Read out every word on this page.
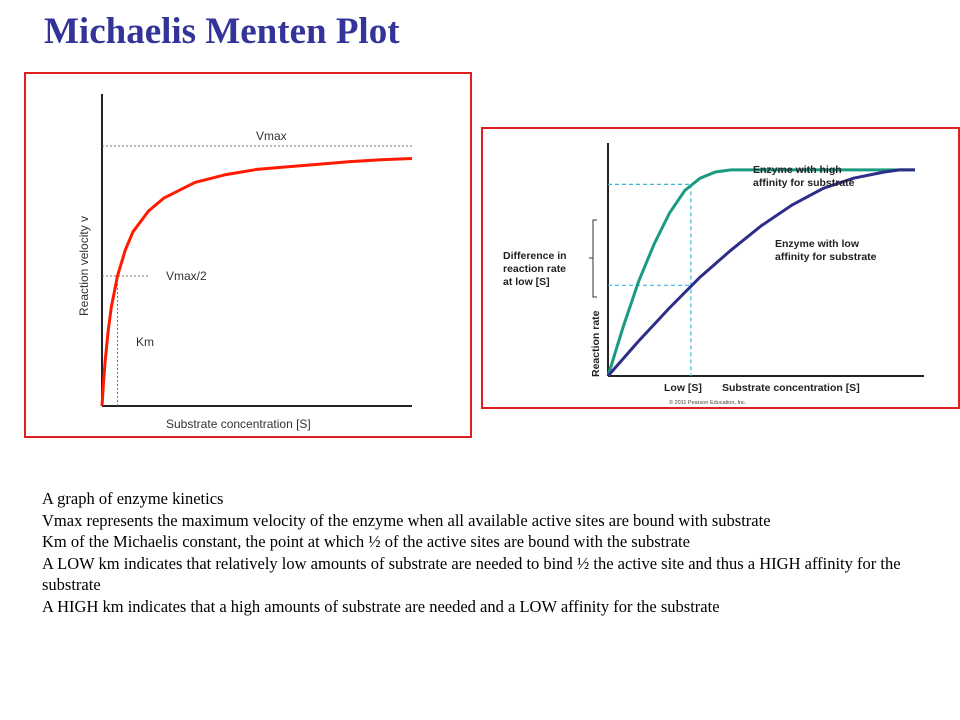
Michaelis Menten Plot
Vmax
Vmax/2
Km
Substrate concentration [S]
Reaction velocity v
Enzyme with high affinity for substrate
Enzyme with low affinity for substrate
Difference in reaction rate at low [S]
Low [S] Substrate concentration [S]
Reaction rate
© 2011 Pearson Education, Inc.

A graph of enzyme kinetics

Vmax represents the maximum velocity of the enzyme when all available active sites are bound with substrate

Km of the Michaelis constant, the point at which ½ of the active sites are bound with the substrate

A LOW km indicates that relatively low amounts of substrate are needed to bind ½ the active site and thus a HIGH affinity for the substrate

A HIGH km indicates that a high amounts of substrate are needed and a LOW affinity for the substrate
